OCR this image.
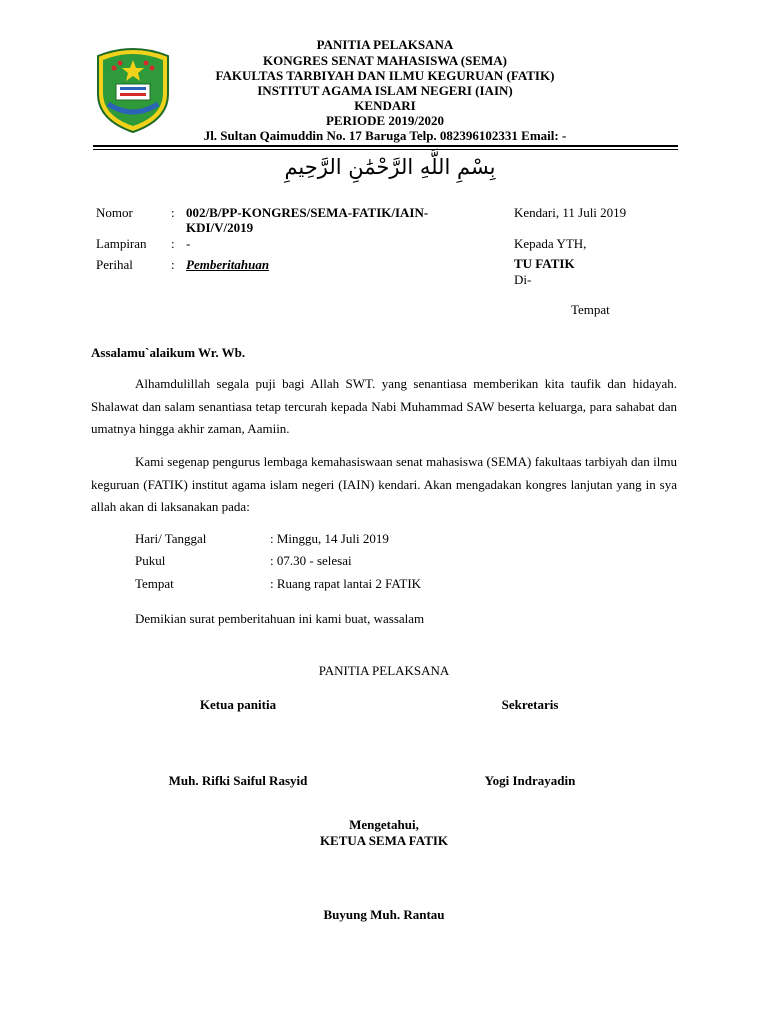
PANITIA PELAKSANA
KONGRES SENAT MAHASISWA (SEMA)
FAKULTAS TARBIYAH DAN ILMU KEGURUAN (FATIK)
INSTITUT AGAMA ISLAM NEGERI (IAIN)
KENDARI
PERIODE 2019/2020
Jl. Sultan Qaimuddin No. 17 Baruga Telp. 082396102331 Email: -
بِسْمِ اللَّهِ الرَّحْمَٰنِ الرَّحِيمِ
Nomor	: 002/B/PP-KONGRES/SEMA-FATIK/IAIN-
KDI/V/2019
Lampiran : -
Perihal	: Pemberitahuan
Kendari, 11 Juli 2019
Kepada YTH,
TU FATIK
Di-
Tempat
Assalamu`alaikum Wr. Wb.
Alhamdulillah segala puji bagi Allah SWT. yang senantiasa memberikan kita taufik dan hidayah. Shalawat dan salam senantiasa tetap tercurah kepada Nabi Muhammad SAW beserta keluarga, para sahabat dan umatnya hingga akhir zaman, Aamiin.
Kami segenap pengurus lembaga kemahasiswaan senat mahasiswa (SEMA) fakultaas tarbiyah dan ilmu keguruan (FATIK) institut agama islam negeri (IAIN) kendari. Akan mengadakan kongres lanjutan yang in sya allah akan di laksanakan pada:
Hari/ Tanggal	: Minggu, 14 Juli 2019
Pukul	: 07.30 - selesai
Tempat	: Ruang rapat lantai 2 FATIK
Demikian surat pemberitahuan ini kami buat, wassalam
PANITIA PELAKSANA
Ketua panitia	Sekretaris
Muh. Rifki Saiful Rasyid	Yogi Indrayadin
Mengetahui,
KETUA SEMA FATIK
Buyung Muh. Rantau
